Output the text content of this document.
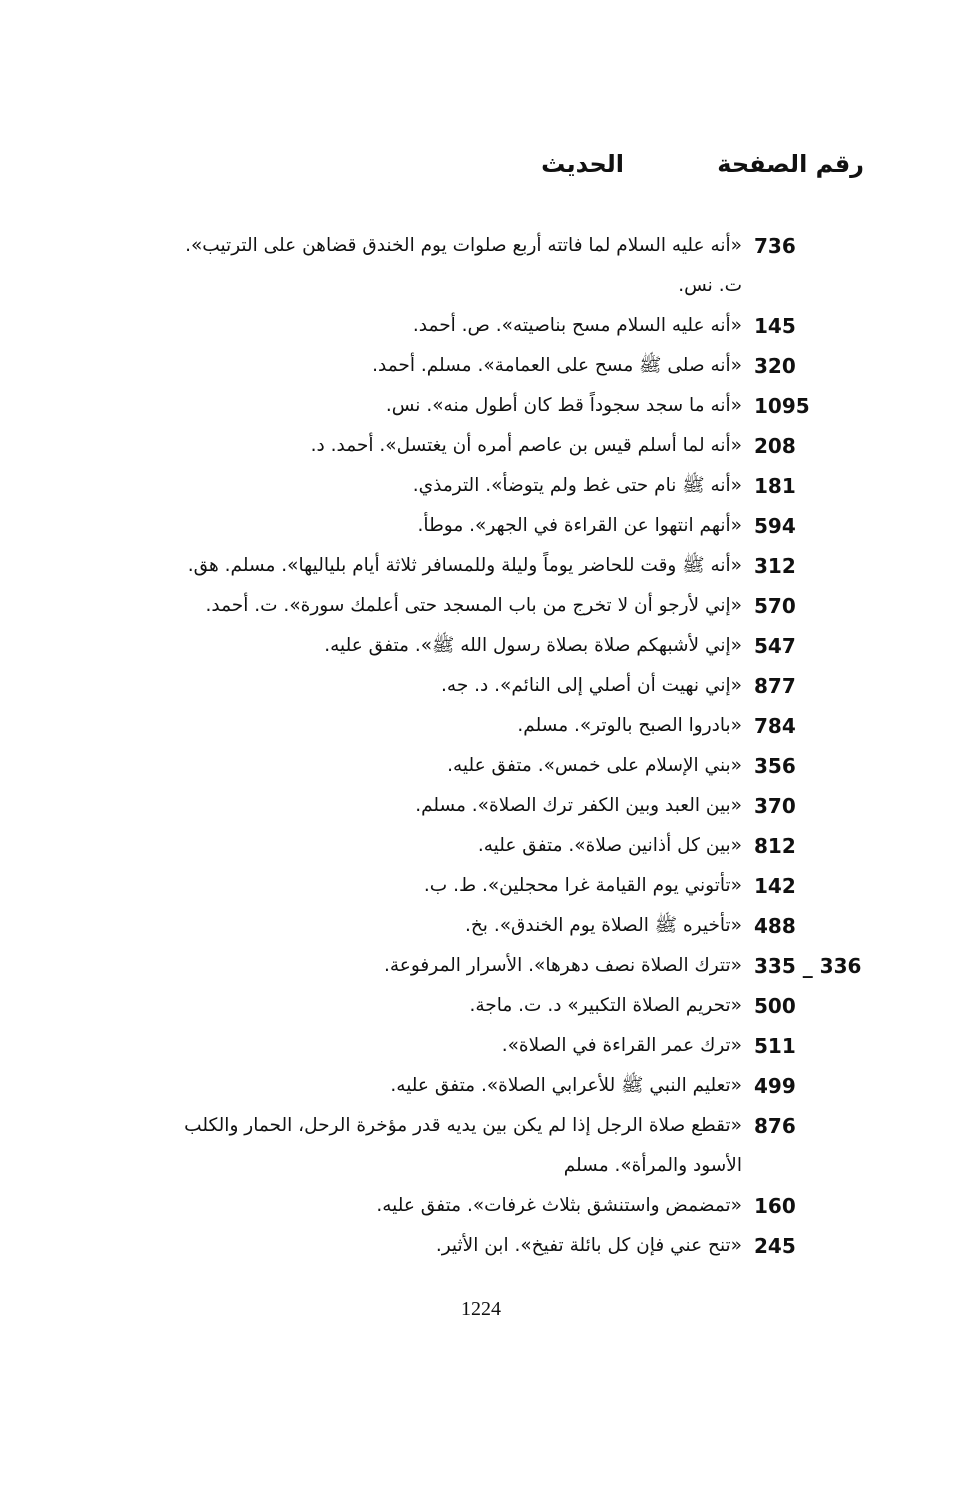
رقم الصفحة
الحديث
736
«أنه عليه السلام لما فاتته أربع صلوات يوم الخندق قضاهن على الترتيب».
ت. نس.
145
«أنه عليه السلام مسح بناصيته». ص. أحمد.
320
«أنه صلى ﷺ مسح على العمامة». مسلم. أحمد.
1095
«أنه ما سجد سجوداً قط كان أطول منه». نس.
208
«أنه لما أسلم قيس بن عاصم أمره أن يغتسل». أحمد. د.
181
«أنه ﷺ نام حتى غط ولم يتوضأ». الترمذي.
594
«أنهم انتهوا عن القراءة في الجهر». موطأ.
312
«أنه ﷺ وقت للحاضر يوماً وليلة وللمسافر ثلاثة أيام بلياليها». مسلم. هق.
570
«إني لأرجو أن لا تخرج من باب المسجد حتى أعلمك سورة». ت. أحمد.
547
«إني لأشبهكم صلاة بصلاة رسول الله ﷺ». متفق عليه.
877
«إني نهيت أن أصلي إلى النائم». د. جه.
784
«بادروا الصبح بالوتر». مسلم.
356
«بني الإسلام على خمس». متفق عليه.
370
«بين العبد وبين الكفر ترك الصلاة». مسلم.
812
«بين كل أذانين صلاة». متفق عليه.
142
«تأتوني يوم القيامة غرا محجلين». ط. ب.
488
«تأخيره ﷺ الصلاة يوم الخندق». بخ.
335 _ 336
«تترك الصلاة نصف دهرها». الأسرار المرفوعة.
500
«تحريم الصلاة التكبير» د. ت. ماجة.
511
«ترك عمر القراءة في الصلاة».
499
«تعليم النبي ﷺ للأعرابي الصلاة». متفق عليه.
876
«تقطع صلاة الرجل إذا لم يكن بين يديه قدر مؤخرة الرحل، الحمار والكلب
الأسود والمرأة». مسلم
160
«تمضمض واستنشق بثلاث غرفات». متفق عليه.
245
«تنح عني فإن كل بائلة تفيخ». ابن الأثير.
1224
